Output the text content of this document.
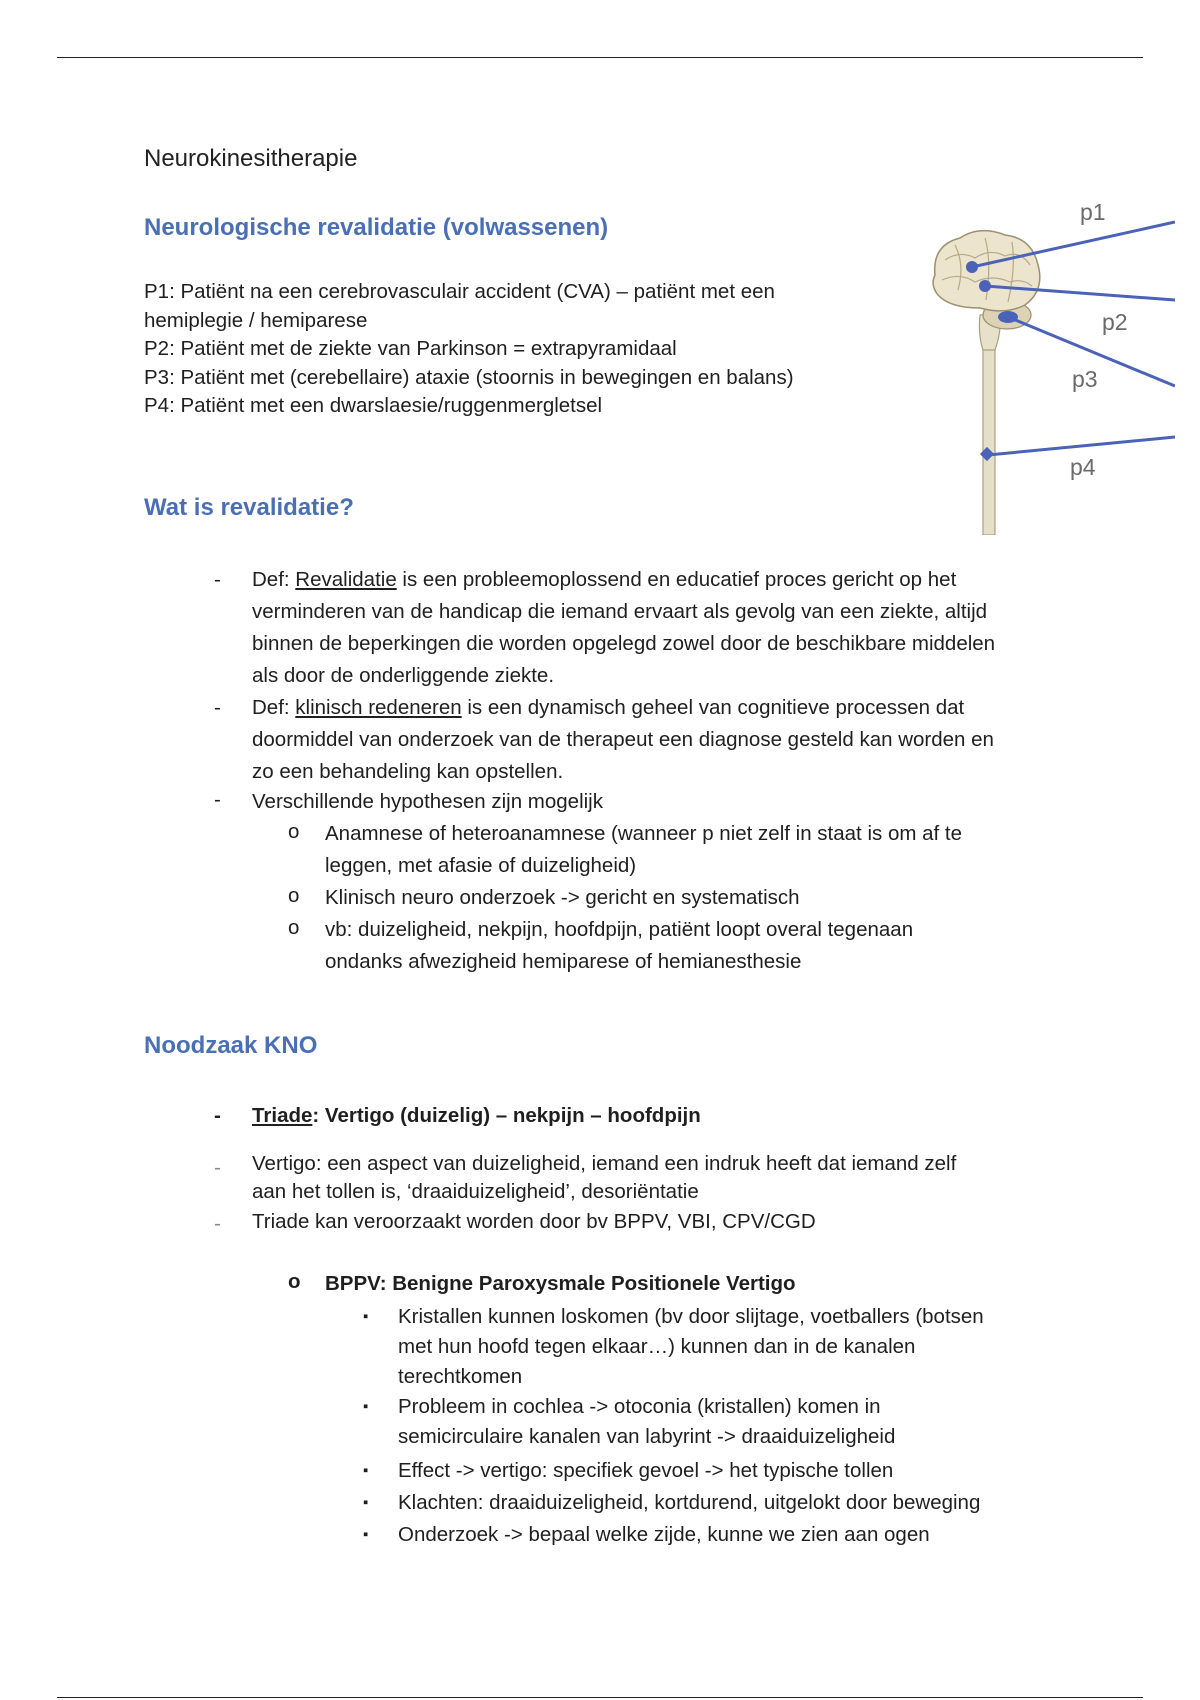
Neurokinesitherapie
Neurologische revalidatie (volwassenen)
P1: Patiënt na een cerebrovasculair accident (CVA) – patiënt met een
hemiplegie / hemiparese
P2: Patiënt met de ziekte van Parkinson = extrapyramidaal
P3: Patiënt met (cerebellaire) ataxie (stoornis in bewegingen en balans)
P4: Patiënt met een dwarslaesie/ruggenmergletsel
p1
p2
p3
p4
Wat is revalidatie?
- Def: Revalidatie is een probleemoplossend en educatief proces gericht op het
verminderen van de handicap die iemand ervaart als gevolg van een ziekte, altijd
binnen de beperkingen die worden opgelegd zowel door de beschikbare middelen
als door de onderliggende ziekte.
- Def: klinisch redeneren is een dynamisch geheel van cognitieve processen dat
doormiddel van onderzoek van de therapeut een diagnose gesteld kan worden en
zo een behandeling kan opstellen.
- Verschillende hypothesen zijn mogelijk
o Anamnese of heteroanamnese (wanneer p niet zelf in staat is om af te
leggen, met afasie of duizeligheid)
o Klinisch neuro onderzoek -> gericht en systematisch
o vb: duizeligheid, nekpijn, hoofdpijn, patiënt loopt overal tegenaan
ondanks afwezigheid hemiparese of hemianesthesie
Noodzaak KNO
- Triade: Vertigo (duizelig) – nekpijn – hoofdpijn
- Vertigo: een aspect van duizeligheid, iemand een indruk heeft dat iemand zelf
aan het tollen is, ‘draaiduizeligheid’, desoriëntatie
- Triade kan veroorzaakt worden door bv BPPV, VBI, CPV/CGD
o BPPV: Benigne Paroxysmale Positionele Vertigo
▪ Kristallen kunnen loskomen (bv door slijtage, voetballers (botsen
met hun hoofd tegen elkaar…) kunnen dan in de kanalen
terechtkomen
▪ Probleem in cochlea -> otoconia (kristallen) komen in
semicirculaire kanalen van labyrint -> draaiduizeligheid
▪ Effect -> vertigo: specifiek gevoel -> het typische tollen
▪ Klachten: draaiduizeligheid, kortdurend, uitgelokt door beweging
▪ Onderzoek -> bepaal welke zijde, kunne we zien aan ogen
